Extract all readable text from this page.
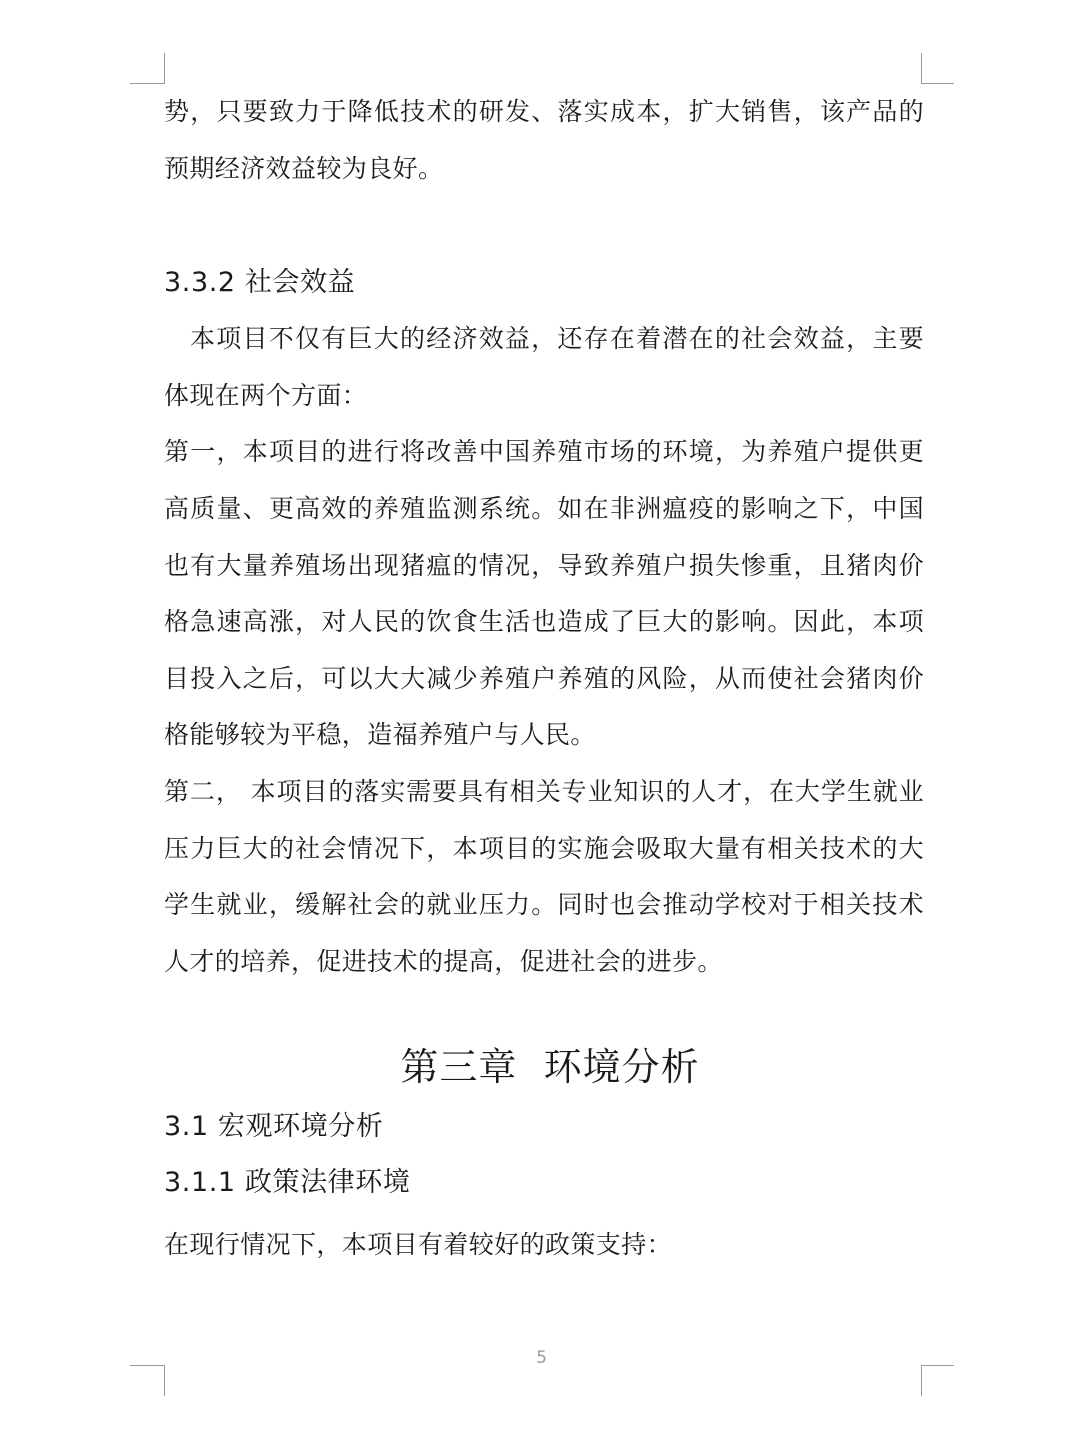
势，只要致力于降低技术的研发、落实成本，扩大销售，该产品的预期经济效益较为良好。

3.3.2 社会效益

本项目不仅有巨大的经济效益，还存在着潜在的社会效益，主要体现在两个方面：

第一，本项目的进行将改善中国养殖市场的环境，为养殖户提供更高质量、更高效的养殖监测系统。如在非洲瘟疫的影响之下，中国也有大量养殖场出现猪瘟的情况，导致养殖户损失惨重，且猪肉价格急速高涨，对人民的饮食生活也造成了巨大的影响。因此，本项目投入之后，可以大大减少养殖户养殖的风险，从而使社会猪肉价格能够较为平稳，造福养殖户与人民。

第二， 本项目的落实需要具有相关专业知识的人才，在大学生就业压力巨大的社会情况下，本项目的实施会吸取大量有相关技术的大学生就业，缓解社会的就业压力。同时也会推动学校对于相关技术人才的培养，促进技术的提高，促进社会的进步。

第三章  环境分析

3.1 宏观环境分析

3.1.1 政策法律环境

在现行情况下，本项目有着较好的政策支持：

5
